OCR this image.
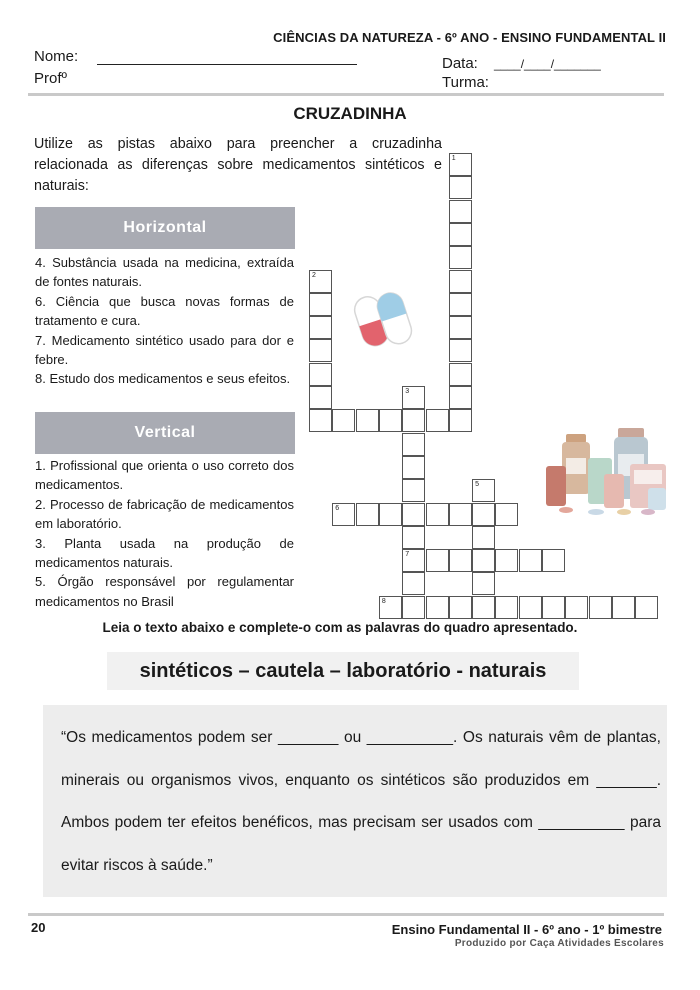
CIÊNCIAS DA NATUREZA - 6º ANO - ENSINO FUNDAMENTAL II
Nome:
Profº
Data: ____/____/_______
Turma:
CRUZADINHA
Utilize as pistas abaixo para preencher a cruzadinha relacionada as diferenças sobre medicamentos sintéticos e naturais:
Horizontal
4. Substância usada na medicina, extraída de fontes naturais.
6. Ciência que busca novas formas de tratamento e cura.
7. Medicamento sintético usado para dor e febre.
8. Estudo dos medicamentos e seus efeitos.
Vertical
1. Profissional que orienta o uso correto dos medicamentos.
2. Processo de fabricação de medicamentos em laboratório.
3. Planta usada na produção de medicamentos naturais.
5. Órgão responsável por regulamentar medicamentos no Brasil
1
2
3
7
5
6
8
Leia o texto abaixo e complete-o com as palavras do quadro apresentado.
sintéticos – cautela – laboratório - naturais
“Os medicamentos podem ser _______ ou __________. Os naturais vêm de plantas, minerais ou organismos vivos, enquanto os sintéticos são produzidos em _______. Ambos podem ter efeitos benéficos, mas precisam ser usados com __________ para evitar riscos à saúde.”
20	Ensino Fundamental II - 6º ano - 1º bimestre
Produzido por Caça Atividades Escolares
